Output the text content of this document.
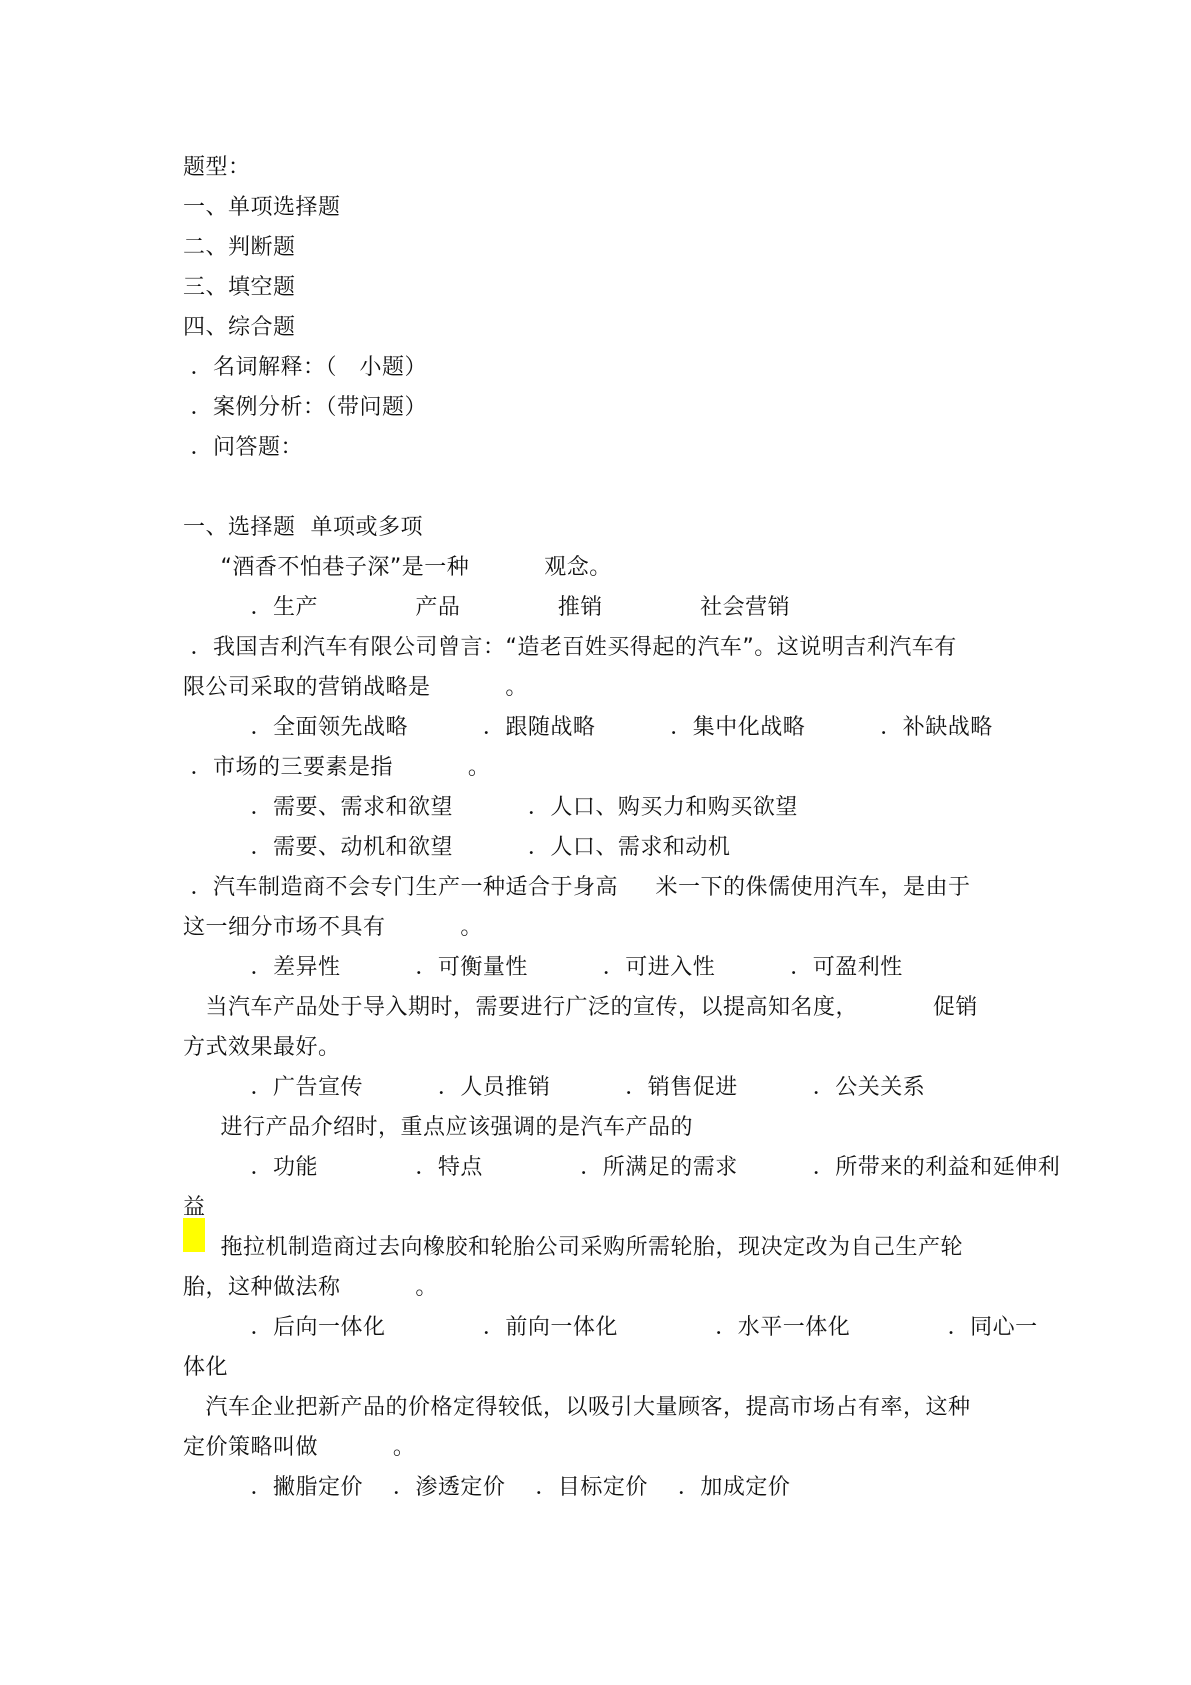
题型：
一、单项选择题
二、判断题
三、填空题
四、综合题
．名词解释：（   小题）
．案例分析：（带问题）
．问答题：
一、选择题  单项或多项
“酒香不怕巷子深”是一种          观念。
．生产             产品             推销             社会营销
．我国吉利汽车有限公司曾言：“造老百姓买得起的汽车”。这说明吉利汽车有
限公司采取的营销战略是          。
．全面领先战略          ．跟随战略          ．集中化战略          ．补缺战略
．市场的三要素是指          。
．需要、需求和欲望          ．人口、购买力和购买欲望
．需要、动机和欲望          ．人口、需求和动机
．汽车制造商不会专门生产一种适合于身高     米一下的侏儒使用汽车，是由于
这一细分市场不具有          。
．差异性          ．可衡量性          ．可进入性          ．可盈利性
当汽车产品处于导入期时，需要进行广泛的宣传，以提高知名度，          促销
方式效果最好。
．广告宣传          ．人员推销          ．销售促进          ．公关关系
进行产品介绍时，重点应该强调的是汽车产品的
．功能             ．特点             ．所满足的需求          ．所带来的利益和延伸利
益
拖拉机制造商过去向橡胶和轮胎公司采购所需轮胎，现决定改为自己生产轮
胎，这种做法称          。
．后向一体化             ．前向一体化             ．水平一体化             ．同心一
体化
汽车企业把新产品的价格定得较低，以吸引大量顾客，提高市场占有率，这种
定价策略叫做          。
．撇脂定价    ．渗透定价    ．目标定价    ．加成定价
